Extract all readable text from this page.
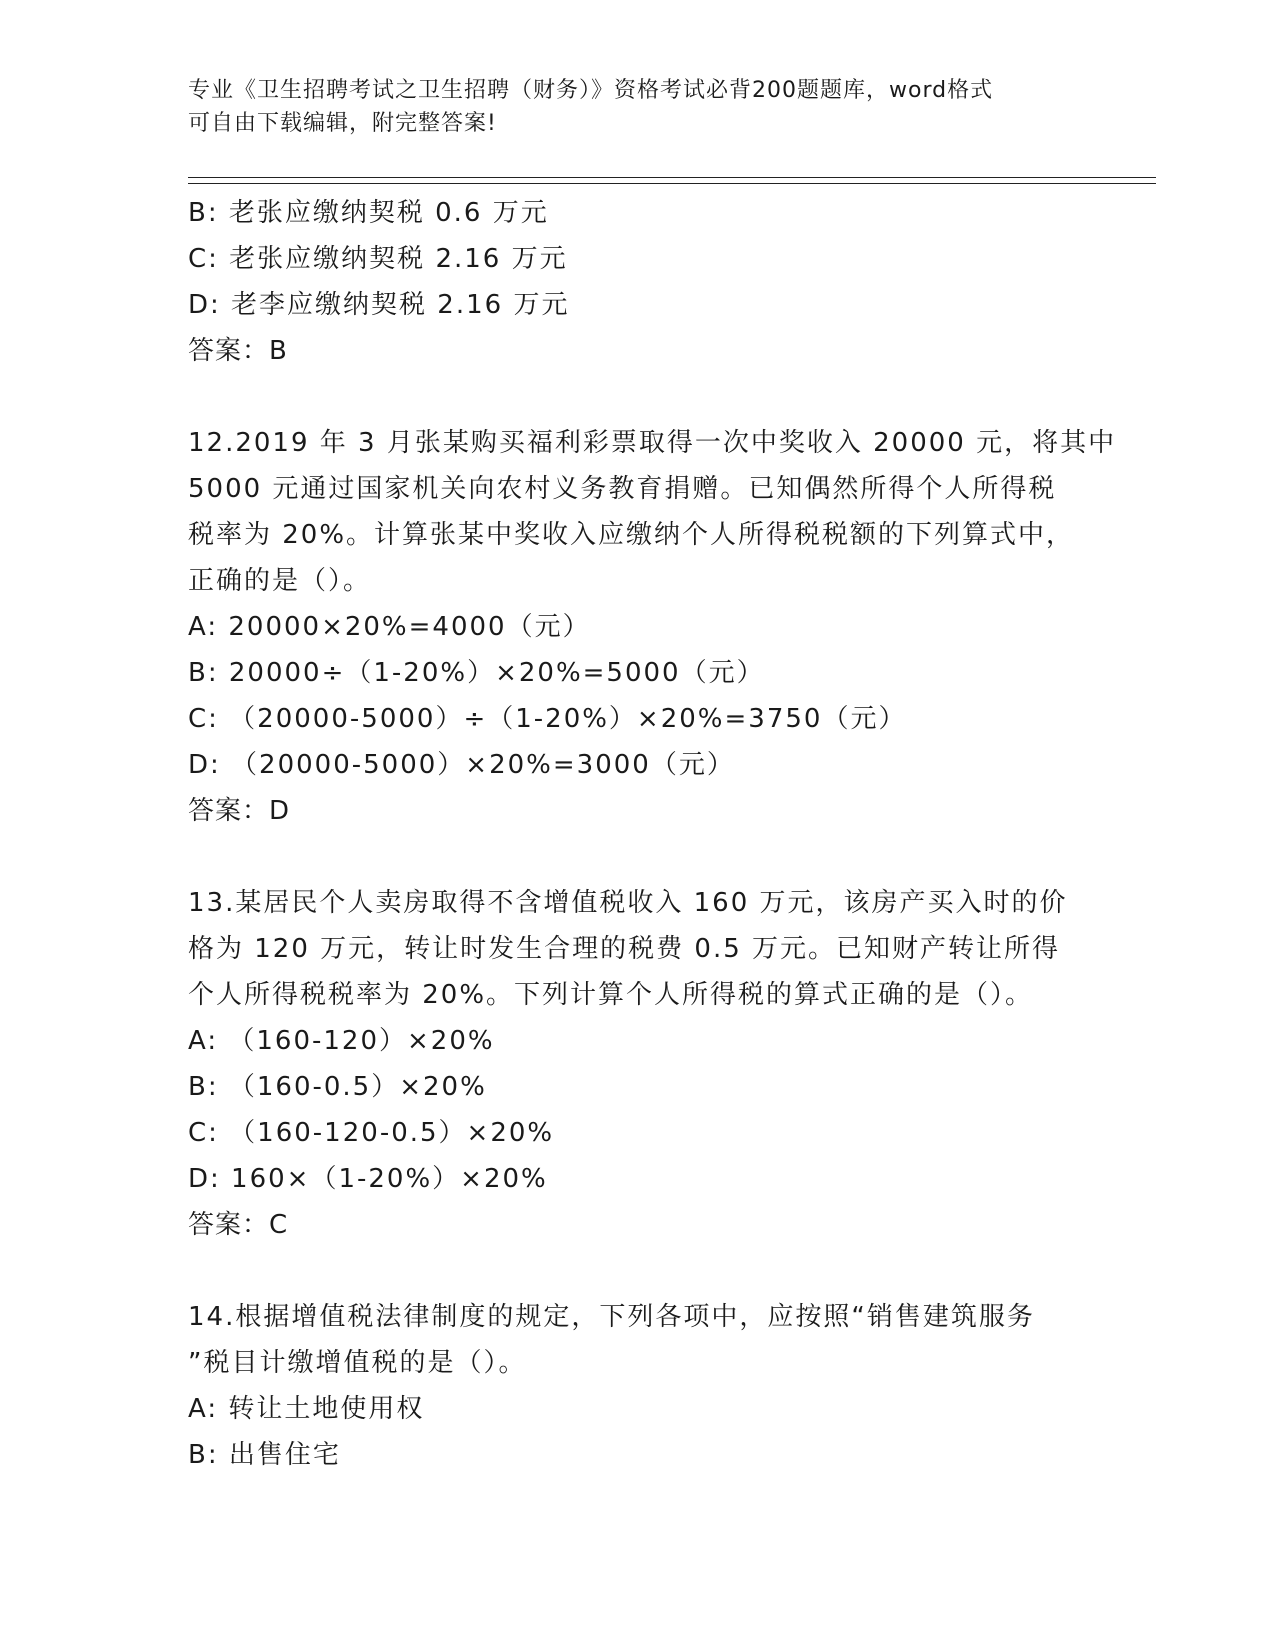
专业《卫生招聘考试之卫生招聘（财务）》资格考试必背200题题库，word格式
可自由下载编辑，附完整答案!
B: 老张应缴纳契税 0.6 万元
C: 老张应缴纳契税 2.16 万元
D: 老李应缴纳契税 2.16 万元
答案：B
12.2019 年 3 月张某购买福利彩票取得一次中奖收入 20000 元，将其中
5000 元通过国家机关向农村义务教育捐赠。已知偶然所得个人所得税
税率为 20%。计算张某中奖收入应缴纳个人所得税税额的下列算式中，
正确的是（）。
A: 20000×20%=4000（元）
B: 20000÷（1-20%）×20%=5000（元）
C: （20000-5000）÷（1-20%）×20%=3750（元）
D: （20000-5000）×20%=3000（元）
答案：D
13.某居民个人卖房取得不含增值税收入 160 万元，该房产买入时的价
格为 120 万元，转让时发生合理的税费 0.5 万元。已知财产转让所得
个人所得税税率为 20%。下列计算个人所得税的算式正确的是（）。
A: （160-120）×20%
B: （160-0.5）×20%
C: （160-120-0.5）×20%
D: 160×（1-20%）×20%
答案：C
14.根据增值税法律制度的规定，下列各项中，应按照“销售建筑服务
”税目计缴增值税的是（）。
A: 转让土地使用权
B: 出售住宅
